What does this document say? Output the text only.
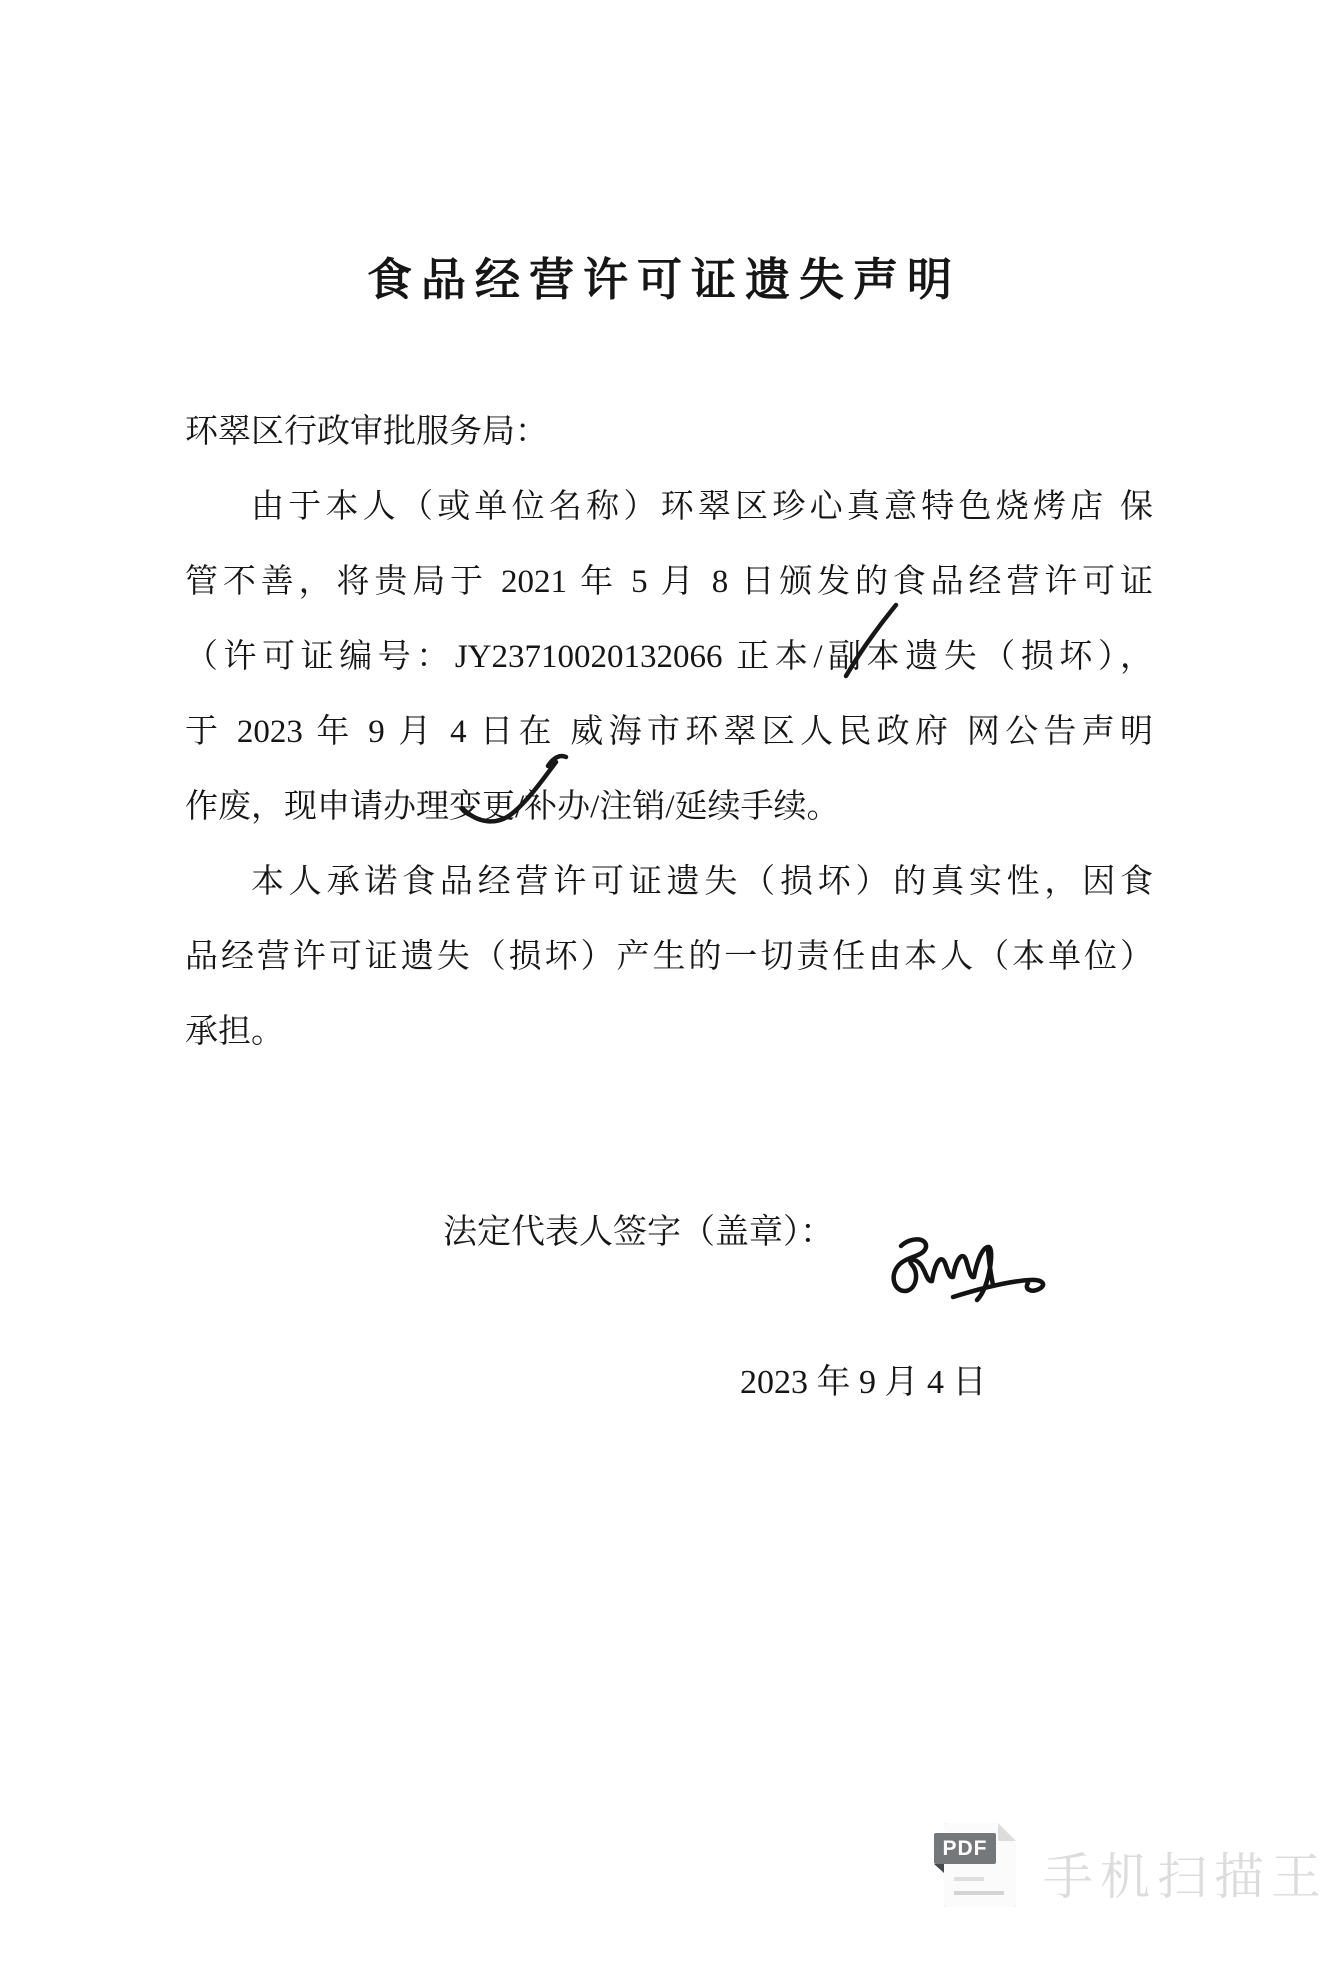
食品经营许可证遗失声明
环翠区行政审批服务局：
由于本人（或单位名称）环翠区珍心真意特色烧烤店 保
管不善，将贵局于 2021 年 5 月 8 日颁发的食品经营许可证
（许可证编号：JY23710020132066 正本/副本遗失（损坏），
于 2023 年 9 月 4 日在 威海市环翠区人民政府 网公告声明
作废，现申请办理变更/补办/注销/延续手续。
本人承诺食品经营许可证遗失（损坏）的真实性，因食
品经营许可证遗失（损坏）产生的一切责任由本人（本单位）
承担。
法定代表人签字（盖章）：
2023 年 9 月 4 日
PDF
手机扫描王
